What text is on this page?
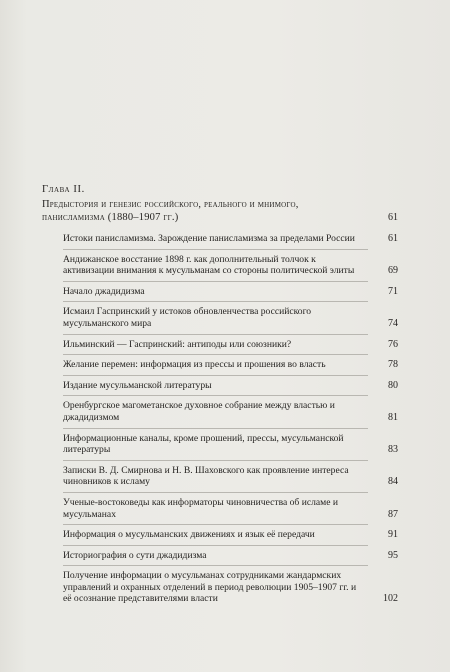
Глава II.
Предыстория и генезис российского, реального и мнимого, панисламизма (1880–1907 гг.)	61
Истоки панисламизма. Зарождение панисламизма за пределами России	61
Андижанское восстание 1898 г. как дополнительный толчок к активизации внимания к мусульманам со стороны политической элиты	69
Начало джадидизма	71
Исмаил Гаспринский у истоков обновленчества российского мусульманского мира	74
Ильминский — Гаспринский: антиподы или союзники?	76
Желание перемен: информация из прессы и прошения во власть	78
Издание мусульманской литературы	80
Оренбургское магометанское духовное собрание между властью и джадидизмом	81
Информационные каналы, кроме прошений, прессы, мусульманской литературы	83
Записки В. Д. Смирнова и Н. В. Шаховского как проявление интереса чиновников к исламу	84
Ученые-востоковеды как информаторы чиновничества об исламе и мусульманах	87
Информация о мусульманских движениях и язык её передачи	91
Историография о сути джадидизма	95
Получение информации о мусульманах сотрудниками жандармских управлений и охранных отделений в период революции 1905–1907 гг. и её осознание представителями власти	102
